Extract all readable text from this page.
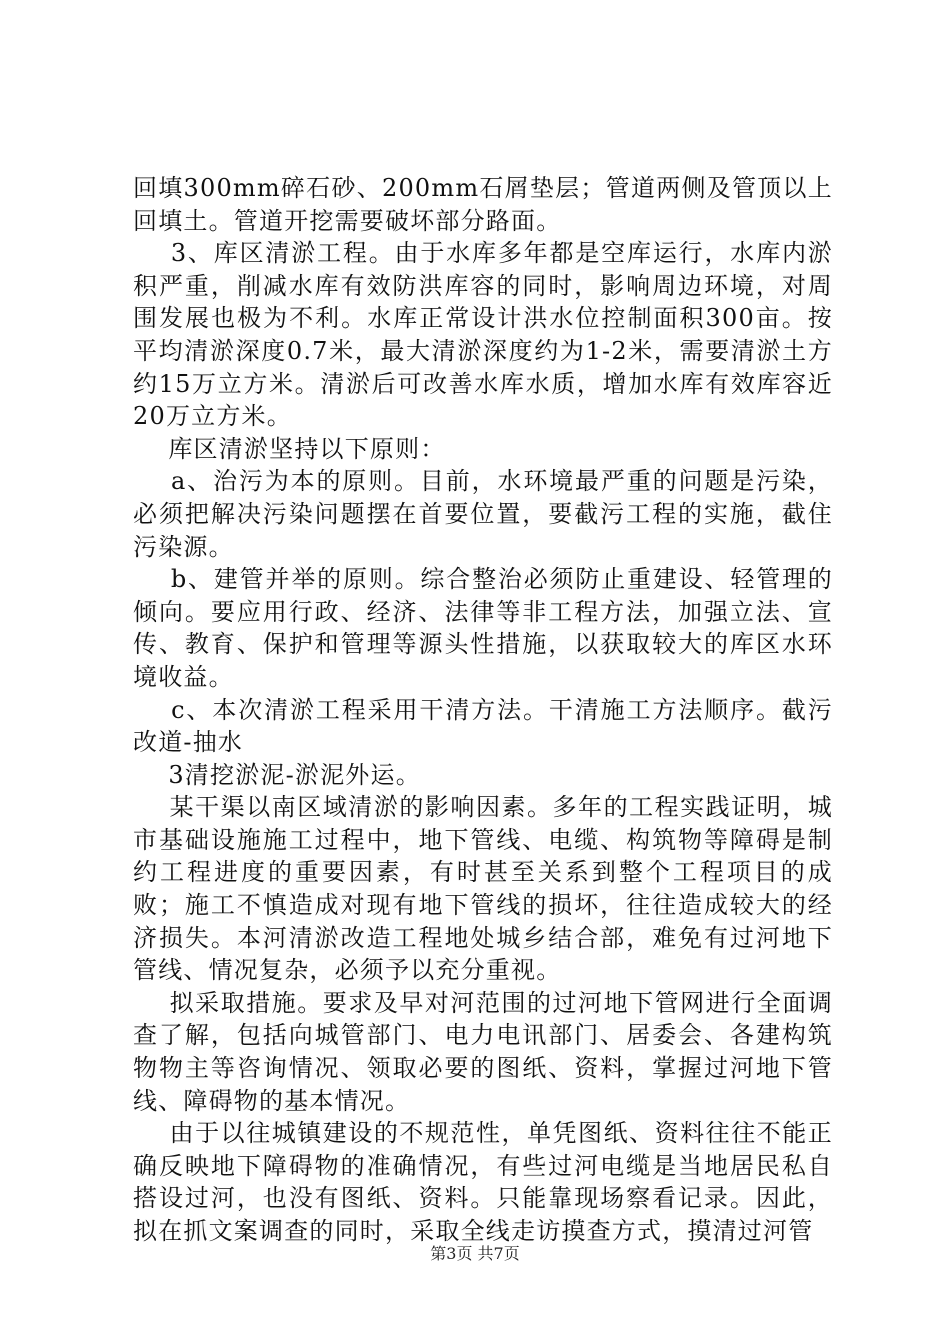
回填300mm碎石砂、200mm石屑垫层；管道两侧及管顶以上回填土。管道开挖需要破坏部分路面。

3、库区清淤工程。由于水库多年都是空库运行，水库内淤积严重，削减水库有效防洪库容的同时，影响周边环境，对周围发展也极为不利。水库正常设计洪水位控制面积300亩。按平均清淤深度0.7米，最大清淤深度约为1-2米，需要清淤土方约15万立方米。清淤后可改善水库水质，增加水库有效库容近20万立方米。

库区清淤坚持以下原则：

a、治污为本的原则。目前，水环境最严重的问题是污染，必须把解决污染问题摆在首要位置，要截污工程的实施，截住污染源。

b、建管并举的原则。综合整治必须防止重建设、轻管理的倾向。要应用行政、经济、法律等非工程方法，加强立法、宣传、教育、保护和管理等源头性措施，以获取较大的库区水环境收益。

c、本次清淤工程采用干清方法。干清施工方法顺序。截污改道-抽水

3清挖淤泥-淤泥外运。

某干渠以南区域清淤的影响因素。多年的工程实践证明，城市基础设施施工过程中，地下管线、电缆、构筑物等障碍是制约工程进度的重要因素，有时甚至关系到整个工程项目的成败；施工不慎造成对现有地下管线的损坏，往往造成较大的经济损失。本河清淤改造工程地处城乡结合部，难免有过河地下管线、情况复杂，必须予以充分重视。

拟采取措施。要求及早对河范围的过河地下管网进行全面调查了解，包括向城管部门、电力电讯部门、居委会、各建构筑物物主等咨询情况、领取必要的图纸、资料，掌握过河地下管线、障碍物的基本情况。

由于以往城镇建设的不规范性，单凭图纸、资料往往不能正确反映地下障碍物的准确情况，有些过河电缆是当地居民私自搭设过河，也没有图纸、资料。只能靠现场察看记录。因此，拟在抓文案调查的同时，采取全线走访摸查方式，摸清过河管

第3页 共7页
